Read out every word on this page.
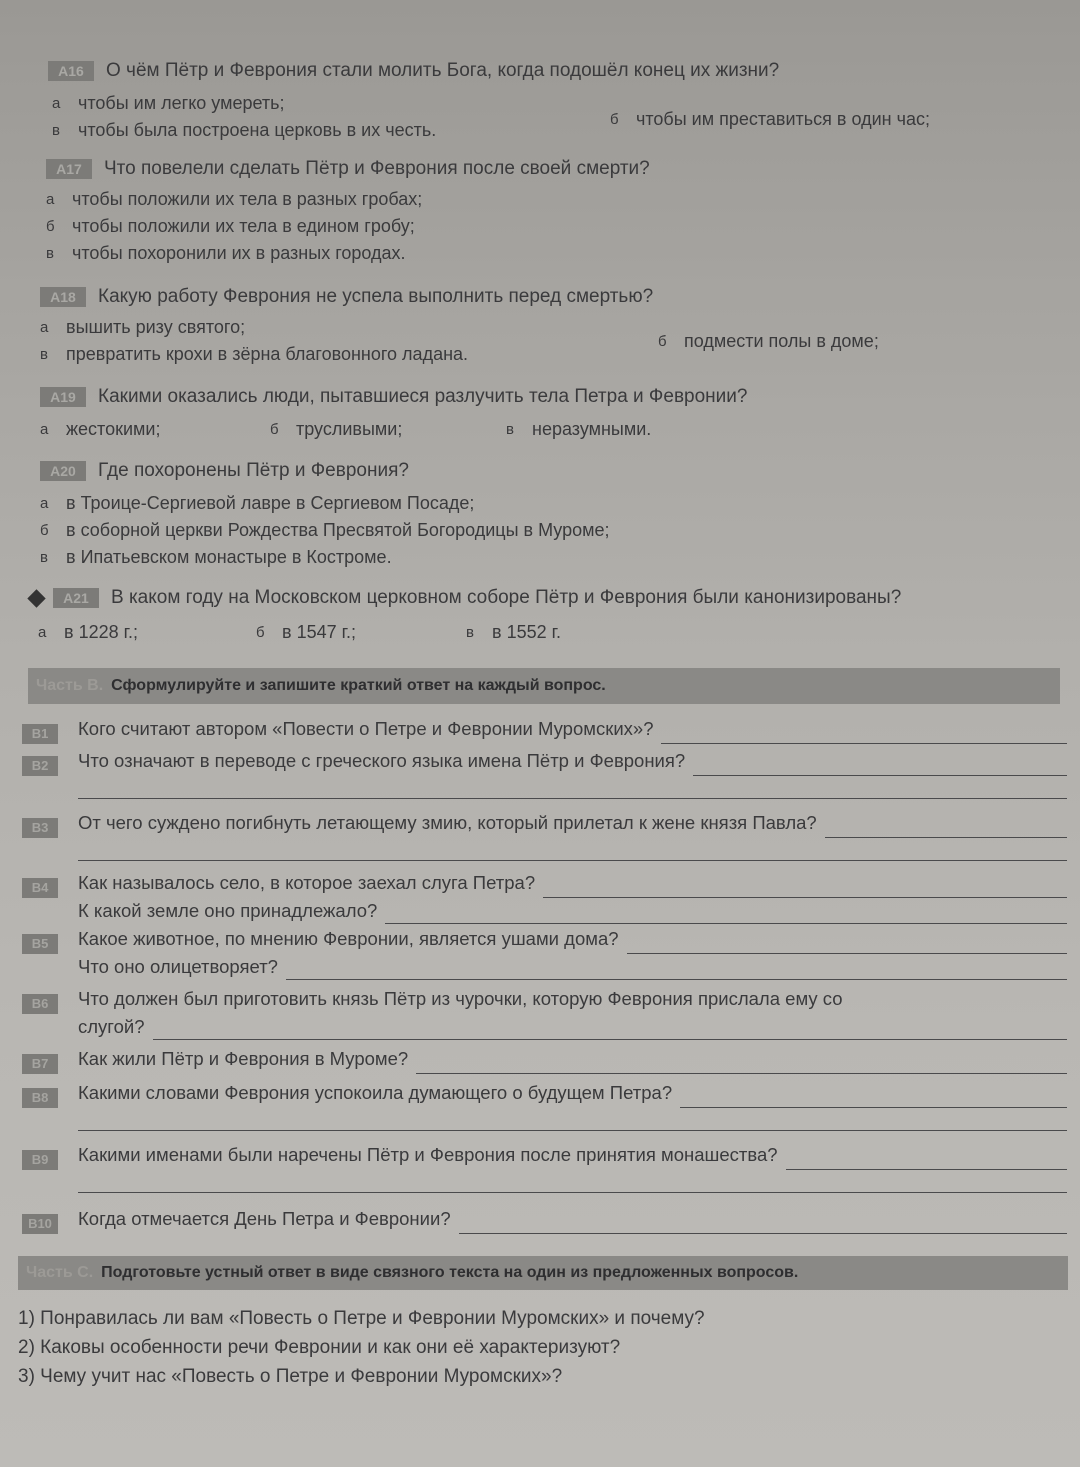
A16	О чём Пётр и Феврония стали молить Бога, когда подошёл конец их жизни?
а чтобы им легко умереть;
б чтобы им преставиться в один час;
в	чтобы была построена церковь в их честь.
A17	Что повелели сделать Пётр и Феврония после своей смерти?
а чтобы положили их тела в разных гробах;
б чтобы положили их тела в едином гробу;
в	чтобы похоронили их в разных городах.
A18	Какую работу Феврония не успела выполнить перед смертью?
а вышить ризу святого;
б подмести полы в доме;
в	превратить крохи в зёрна благовонного ладана.
A19	Какими оказались люди, пытавшиеся разлучить тела Петра и Февронии?
а жестокими;	б трусливыми;	в	неразумными.
A20	Где похоронены Пётр и Феврония?
а в Троице-Сергиевой лавре в Сергиевом Посаде;
б в соборной церкви Рождества Пресвятой Богородицы в Муроме;
в	в Ипатьевском монастыре в Костроме.
A21	В каком году на Московском церковном соборе Пётр и Феврония были канонизированы?
а в 1228 г.;	б в 1547 г.;	в	в 1552 г.
Часть В. Сформулируйте и запишите краткий ответ на каждый вопрос.
B1	Кого считают автором «Повести о Петре и Февронии Муромских»?
B2	Что означают в переводе с греческого языка имена Пётр и Феврония?
B3	От чего суждено погибнуть летающему змию, который прилетал к жене князя Павла?
B4	Как называлось село, в которое заехал слуга Петра?
К какой земле оно принадлежало?
B5	Какое животное, по мнению Февронии, является ушами дома?
Что оно олицетворяет?
B6	Что должен был приготовить князь Пётр из чурочки, которую Феврония прислала ему со
слугой?
B7	Как жили Пётр и Феврония в Муроме?
B8	Какими словами Феврония успокоила думающего о будущем Петра?
B9	Какими именами были наречены Пётр и Феврония после принятия монашества?
B10	Когда отмечается День Петра и Февронии?
Часть С. Подготовьте устный ответ в виде связного текста на один из предложенных вопросов.
1) Понравилась ли вам «Повесть о Петре и Февронии Муромских» и почему?
2) Каковы особенности речи Февронии и как они её характеризуют?
3) Чему учит нас «Повесть о Петре и Февронии Муромских»?
